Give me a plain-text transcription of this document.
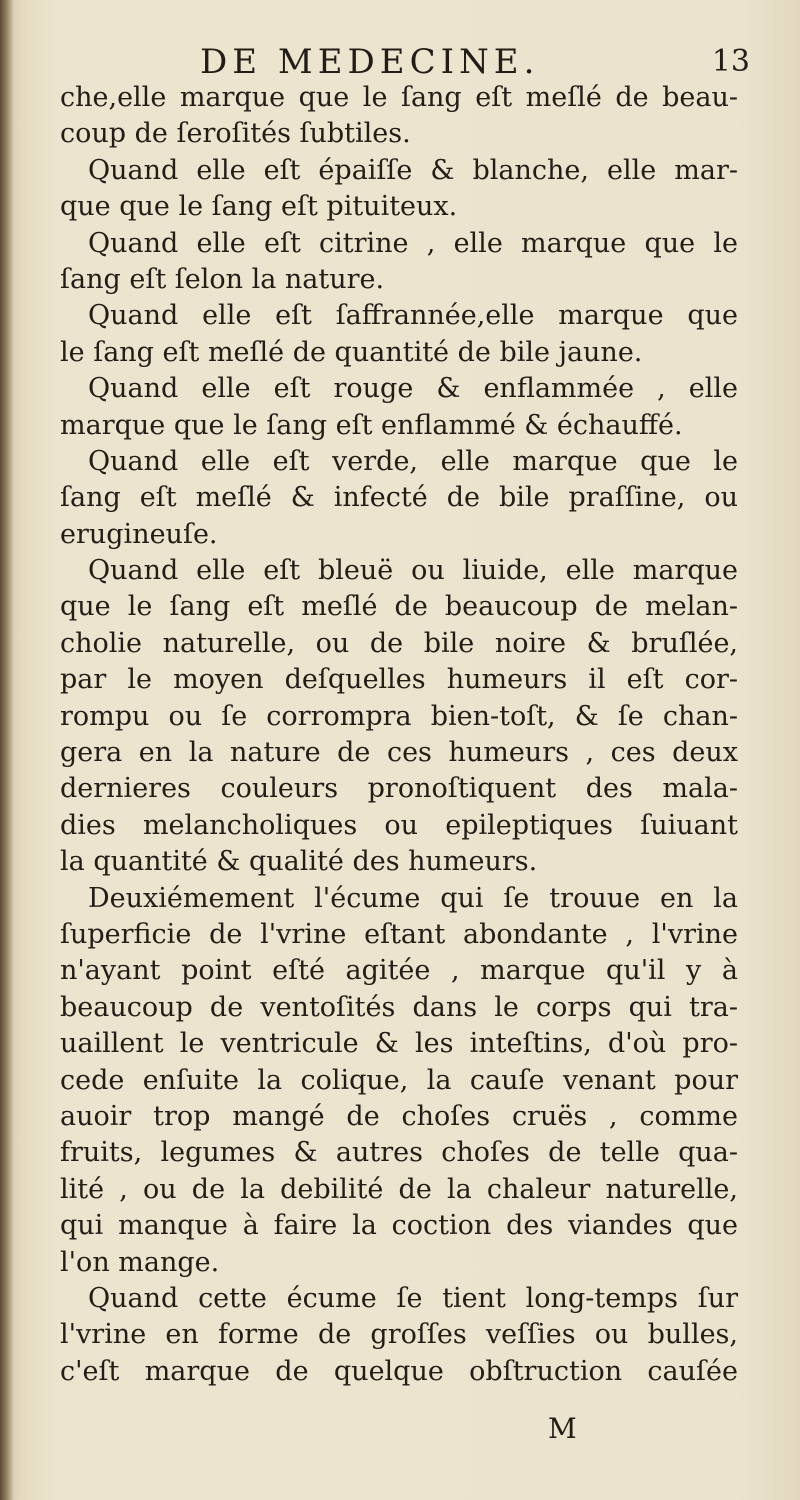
DE MEDECINE.	13
che,elle marque que le ſang eſt meſlé de beau-
coup de ſeroſités ſubtiles.
Quand elle eſt épaiſſe & blanche, elle mar-
que que le ſang eſt pituiteux.
Quand elle eſt citrine , elle marque que le
ſang eſt ſelon la nature.
Quand elle eſt ſaffrannée,elle marque que
le ſang eſt meſlé de quantité de bile jaune.
Quand elle eſt rouge & enflammée , elle
marque que le ſang eſt enflammé & échauffé.
Quand elle eſt verde, elle marque que le
ſang eſt meſlé & infecté de bile praſſine, ou
erugineuſe.
Quand elle eſt bleuë ou liuide, elle marque
que le ſang eſt meſlé de beaucoup de melan-
cholie naturelle, ou de bile noire & bruſlée,
par le moyen deſquelles humeurs il eſt cor-
rompu ou ſe corrompra bien-toſt, & ſe chan-
gera en la nature de ces humeurs , ces deux
dernieres couleurs pronoſtiquent des mala-
dies melancholiques ou epileptiques ſuiuant
la quantité & qualité des humeurs.
Deuxiémement l'écume qui ſe trouue en la
ſuperficie de l'vrine eſtant abondante , l'vrine
n'ayant point eſté agitée , marque qu'il y à
beaucoup de ventoſités dans le corps qui tra-
uaillent le ventricule & les inteſtins, d'où pro-
cede enſuite la colique, la cauſe venant pour
auoir trop mangé de choſes cruës , comme
fruits, legumes & autres choſes de telle qua-
lité , ou de la debilité de la chaleur naturelle,
qui manque à faire la coction des viandes que
l'on mange.
Quand cette écume ſe tient long-temps ſur
l'vrine en forme de groſſes veſſies ou bulles,
c'eſt marque de quelque obſtruction cauſée
M
